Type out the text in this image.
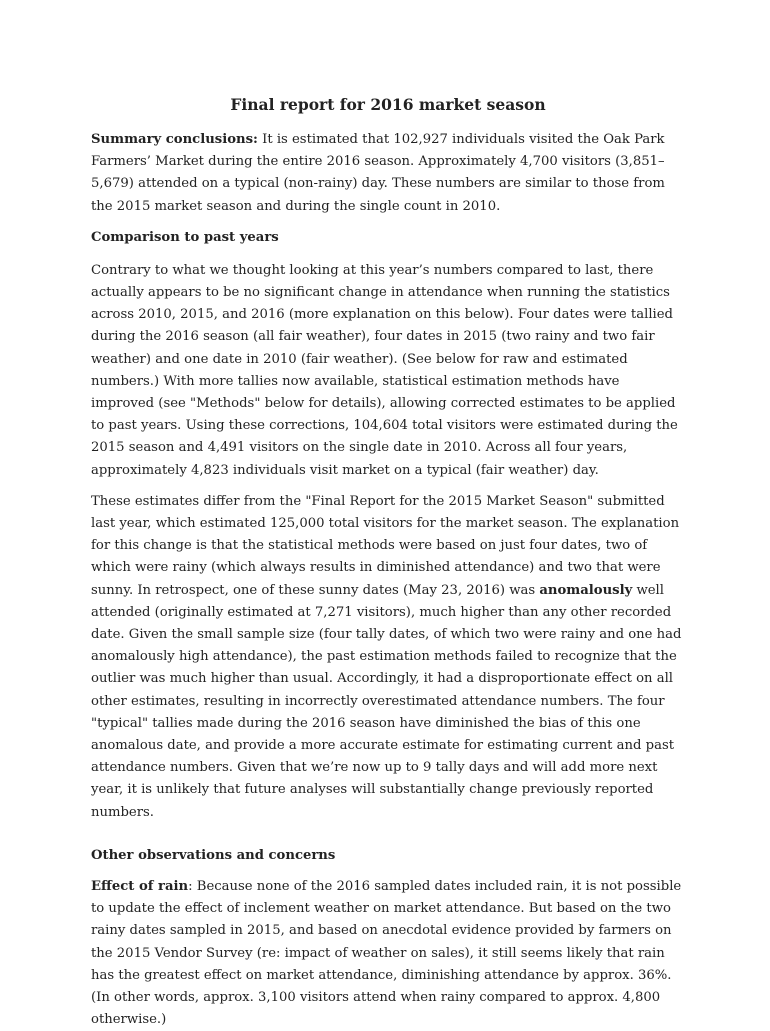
Final report for 2016 market season

Summary conclusions: It is estimated that 102,927 individuals visited the Oak Park Farmers’ Market during the entire 2016 season. Approximately 4,700 visitors (3,851–5,679) attended on a typical (non-rainy) day. These numbers are similar to those from the 2015 market season and during the single count in 2010.

Comparison to past years

Contrary to what we thought looking at this year’s numbers compared to last, there actually appears to be no significant change in attendance when running the statistics across 2010, 2015, and 2016 (more explanation on this below). Four dates were tallied during the 2016 season (all fair weather), four dates in 2015 (two rainy and two fair weather) and one date in 2010 (fair weather). (See below for raw and estimated numbers.) With more tallies now available, statistical estimation methods have improved (see "Methods" below for details), allowing corrected estimates to be applied to past years. Using these corrections, 104,604 total visitors were estimated during the 2015 season and 4,491 visitors on the single date in 2010. Across all four years, approximately 4,823 individuals visit market on a typical (fair weather) day.

These estimates differ from the "Final Report for the 2015 Market Season" submitted last year, which estimated 125,000 total visitors for the market season. The explanation for this change is that the statistical methods were based on just four dates, two of which were rainy (which always results in diminished attendance) and two that were sunny. In retrospect, one of these sunny dates (May 23, 2016) was anomalously well attended (originally estimated at 7,271 visitors), much higher than any other recorded date. Given the small sample size (four tally dates, of which two were rainy and one had anomalously high attendance), the past estimation methods failed to recognize that the outlier was much higher than usual. Accordingly, it had a disproportionate effect on all other estimates, resulting in incorrectly overestimated attendance numbers. The four "typical" tallies made during the 2016 season have diminished the bias of this one anomalous date, and provide a more accurate estimate for estimating current and past attendance numbers. Given that we’re now up to 9 tally days and will add more next year, it is unlikely that future analyses will substantially change previously reported numbers.

Other observations and concerns

Effect of rain: Because none of the 2016 sampled dates included rain, it is not possible to update the effect of inclement weather on market attendance. But based on the two rainy dates sampled in 2015, and based on anecdotal evidence provided by farmers on the 2015 Vendor Survey (re: impact of weather on sales), it still seems likely that rain has the greatest effect on market attendance, diminishing attendance by approx. 36%. (In other words, approx. 3,100 visitors attend when rainy compared to approx. 4,800 otherwise.)
